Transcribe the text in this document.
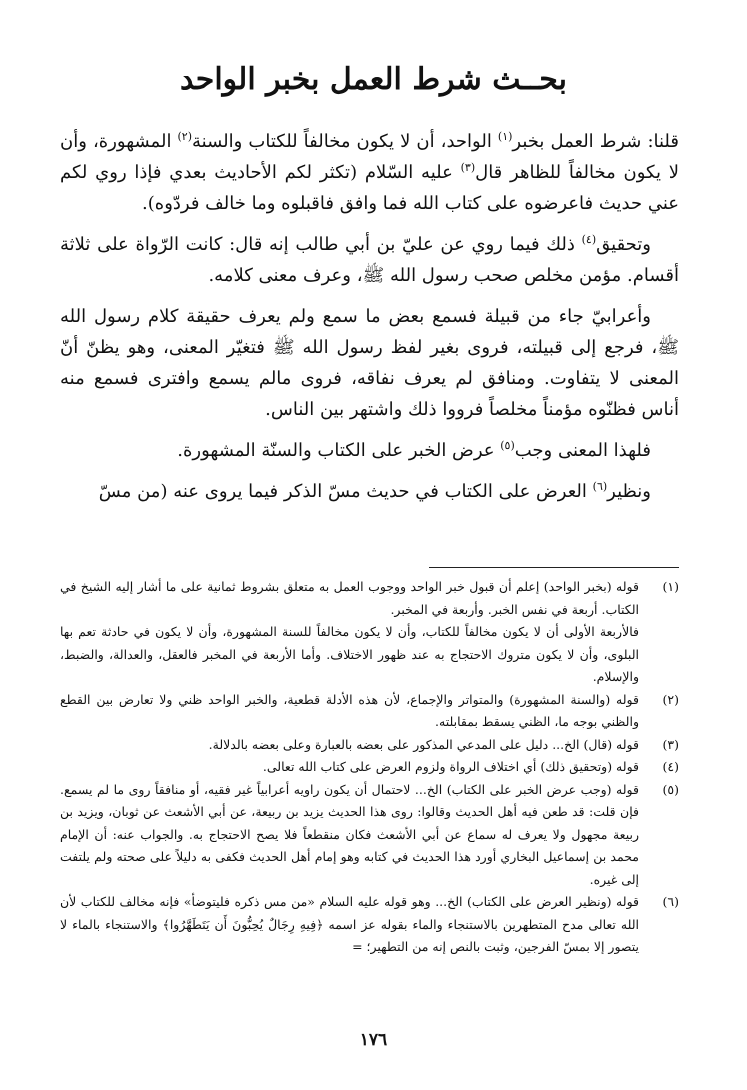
بحــث شرط العمل بخبر الواحد

قلنا: شرط العمل بخبر$^{(١)}$ الواحد، أن لا يكون مخالفاً للكتاب والسنة$^{(٢)}$ المشهورة، وأن لا يكون مخالفاً للظاهر قال$^{(٣)}$ عليه السّلام (تكثر لكم الأحاديث بعدي فإذا روي لكم عني حديث فاعرضوه على كتاب الله فما وافق فاقبلوه وما خالف فردّوه).

وتحقيق$^{(٤)}$ ذلك فيما روي عن عليّ بن أبي طالب إنه قال: كانت الرّواة على ثلاثة أقسام. مؤمن مخلص صحب رسول الله ﷺ، وعرف معنى كلامه.

وأعرابيّ جاء من قبيلة فسمع بعض ما سمع ولم يعرف حقيقة كلام رسول الله ﷺ، فرجع إلى قبيلته، فروى بغير لفظ رسول الله ﷺ فتغيّر المعنى، وهو يظنّ أنّ المعنى لا يتفاوت. ومنافق لم يعرف نفاقه، فروى مالم يسمع وافترى فسمع منه أناس فظنّوه مؤمناً مخلصاً فرووا ذلك واشتهر بين الناس.

فلهذا المعنى وجب$^{(٥)}$ عرض الخبر على الكتاب والسنّة المشهورة.

ونظير$^{(٦)}$ العرض على الكتاب في حديث مسّ الذكر فيما يروى عنه (من مسّ

(١)

قوله (بخبر الواحد) إعلم أن قبول خبر الواحد ووجوب العمل به متعلق بشروط ثمانية على ما أشار إليه الشيخ في الكتاب. أربعة في نفس الخبر. وأربعة في المخبر.

فالأربعة الأولى أن لا يكون مخالفاً للكتاب، وأن لا يكون مخالفاً للسنة المشهورة، وأن لا يكون في حادثة تعم بها البلوى، وأن لا يكون متروك الاحتجاج به عند ظهور الاختلاف. وأما الأربعة في المخبر فالعقل، والعدالة، والضبط، والإسلام.

(٢)

قوله (والسنة المشهورة) والمتواتر والإجماع، لأن هذه الأدلة قطعية، والخبر الواحد ظني ولا تعارض بين القطع والظني بوجه ما، الظني يسقط بمقابلته.

(٣)

قوله (قال) الخ... دليل على المدعي المذكور على بعضه بالعبارة وعلى بعضه بالدلالة.

(٤)

قوله (وتحقيق ذلك) أي اختلاف الرواة ولزوم العرض على كتاب الله تعالى.

(٥)

قوله (وجب عرض الخبر على الكتاب) الخ... لاحتمال أن يكون راويه أعرابياً غير فقيه، أو منافقاً روى ما لم يسمع. فإن قلت: قد طعن فيه أهل الحديث وقالوا: روى هذا الحديث يزيد بن ربيعة، عن أبي الأشعث عن ثوبان، ويزيد بن ربيعة مجهول ولا يعرف له سماع عن أبي الأشعث فكان منقطعاً فلا يصح الاحتجاج به. والجواب عنه: أن الإمام محمد بن إسماعيل البخاري أورد هذا الحديث في كتابه وهو إمام أهل الحديث فكفى به دليلاً على صحته ولم يلتفت إلى غيره.

(٦)

قوله (ونظير العرض على الكتاب) الخ... وهو قوله عليه السلام «من مس ذكره فليتوضأ» فإنه مخالف للكتاب لأن الله تعالى مدح المتطهرين بالاستنجاء والماء بقوله عز اسمه ﴿فِيهِ رِجَالٌ يُحِبُّونَ أَن يَتَطَهَّرُوا﴾ والاستنجاء بالماء لا يتصور إلا بمسّ الفرجين، وثبت بالنص إنه من التطهير؛ =

١٧٦
